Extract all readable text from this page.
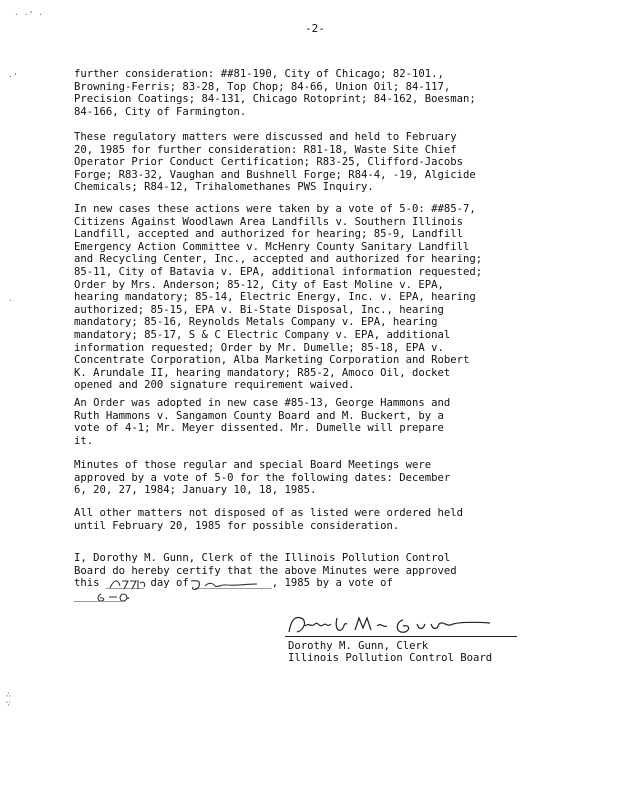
· ·’ ·
·’
·
∴
∵
-2-
further consideration: ##81-190, City of Chicago; 82-101.,
Browning-Ferris; 83-28, Top Chop; 84-66, Union Oil; 84-117,
Precision Coatings; 84-131, Chicago Rotoprint; 84-162, Boesman;
84-166, City of Farmington.
These regulatory matters were discussed and held to February
20, 1985 for further consideration: R81-18, Waste Site Chief
Operator Prior Conduct Certification; R83-25, Clifford-Jacobs
Forge; R83-32, Vaughan and Bushnell Forge; R84-4, -19, Algicide
Chemicals; R84-12, Trihalomethanes PWS Inquiry.
In new cases these actions were taken by a vote of 5-0: ##85-7,
Citizens Against Woodlawn Area Landfills v. Southern Illinois
Landfill, accepted and authorized for hearing; 85-9, Landfill
Emergency Action Committee v. McHenry County Sanitary Landfill
and Recycling Center, Inc., accepted and authorized for hearing;
85-11, City of Batavia v. EPA, additional information requested;
Order by Mrs. Anderson; 85-12, City of East Moline v. EPA,
hearing mandatory; 85-14, Electric Energy, Inc. v. EPA, hearing
authorized; 85-15, EPA v. Bi-State Disposal, Inc., hearing
mandatory; 85-16, Reynolds Metals Company v. EPA, hearing
mandatory; 85-17, S & C Electric Company v. EPA, additional
information requested; Order by Mr. Dumelle; 85-18, EPA v.
Concentrate Corporation, Alba Marketing Corporation and Robert
K. Arundale II, hearing mandatory; R85-2, Amoco Oil, docket
opened and 200 signature requirement waived.
An Order was adopted in new case #85-13, George Hammons and
Ruth Hammons v. Sangamon County Board and M. Buckert, by a
vote of 4-1; Mr. Meyer dissented. Mr. Dumelle will prepare
it.
Minutes of those regular and special Board Meetings were
approved by a vote of 5-0 for the following dates: December
6, 20, 27, 1984; January 10, 18, 1985.
All other matters not disposed of as listed were ordered held
until February 20, 1985 for possible consideration.
I, Dorothy M. Gunn, Clerk of the Illinois Pollution Control
Board do hereby certify that the above Minutes were approved
this ______ day of ____________, 1985 by a vote of
________.
Dorothy M. Gunn, Clerk
Illinois Pollution Control Board
